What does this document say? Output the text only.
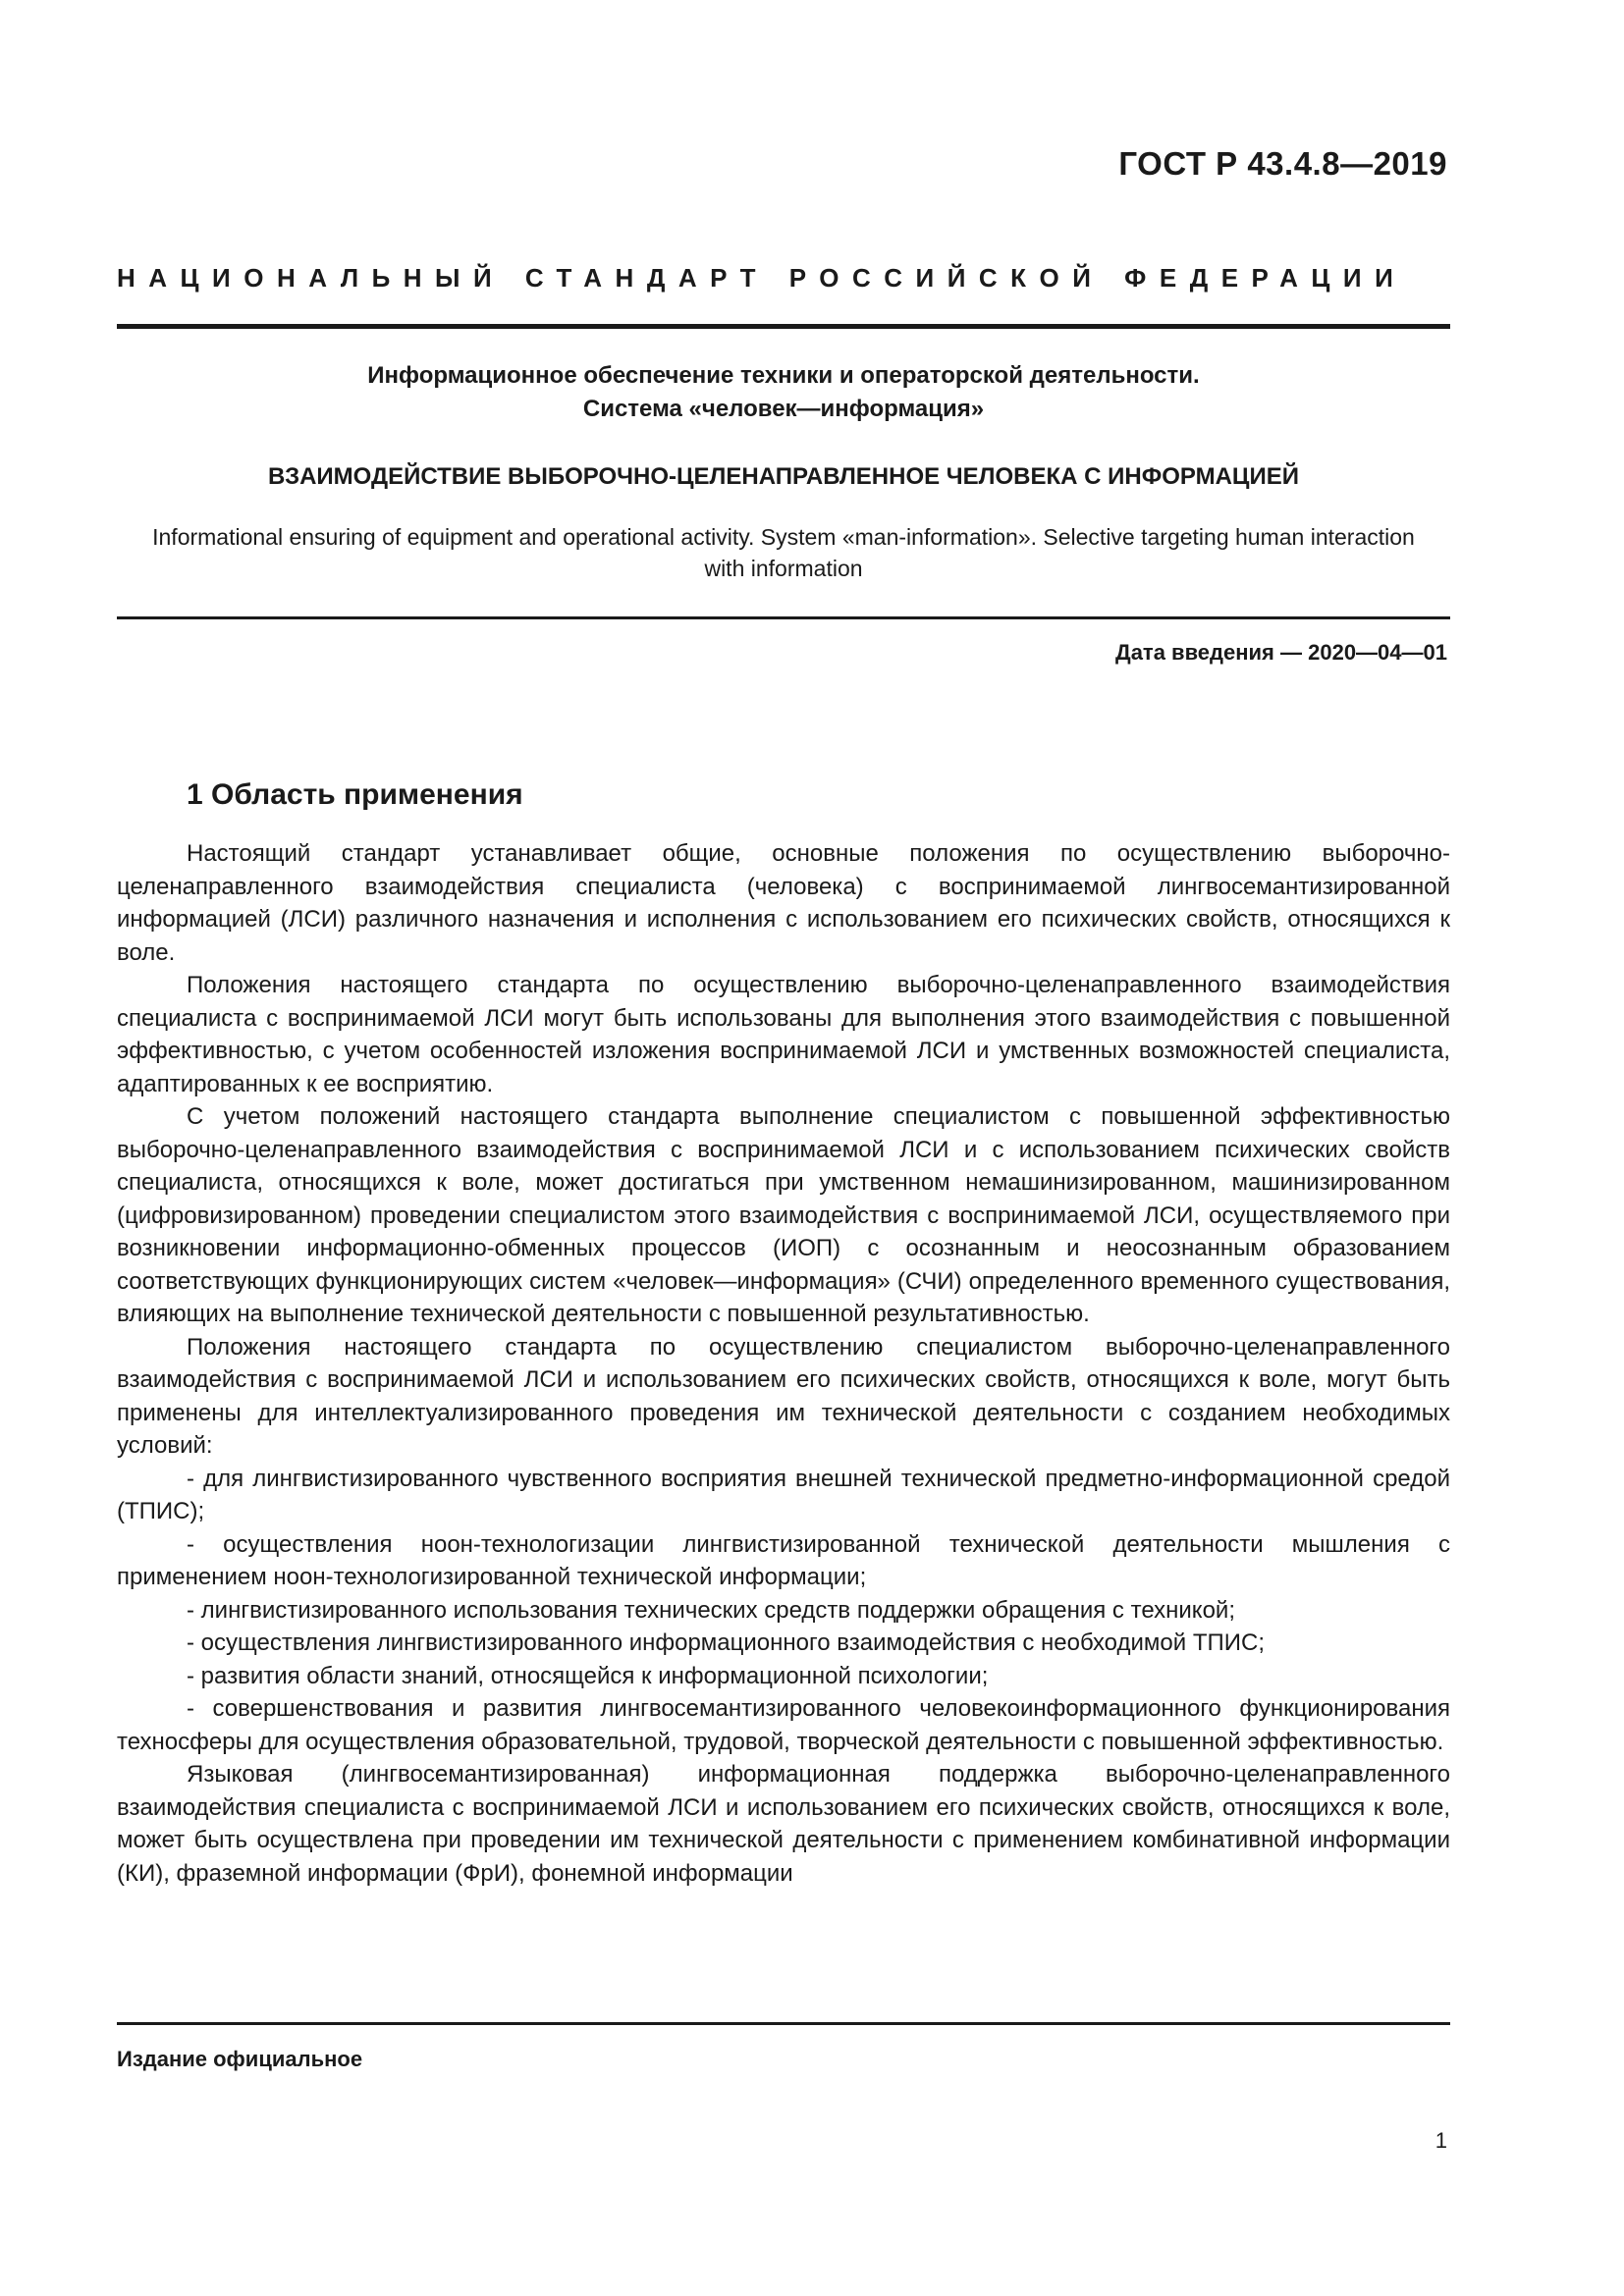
ГОСТ Р 43.4.8—2019
НАЦИОНАЛЬНЫЙ СТАНДАРТ РОССИЙСКОЙ ФЕДЕРАЦИИ
Информационное обеспечение техники и операторской деятельности.
Система «человек—информация»
ВЗАИМОДЕЙСТВИЕ ВЫБОРОЧНО-ЦЕЛЕНАПРАВЛЕННОЕ ЧЕЛОВЕКА С ИНФОРМАЦИЕЙ
Informational ensuring of equipment and operational activity. System «man-information». Selective targeting human interaction with information
Дата введения — 2020—04—01
1 Область применения

Настоящий стандарт устанавливает общие, основные положения по осуществлению выборочно-целенаправленного взаимодействия специалиста (человека) с воспринимаемой лингвосемантизированной информацией (ЛСИ) различного назначения и исполнения с использованием его психических свойств, относящихся к воле.

Положения настоящего стандарта по осуществлению выборочно-целенаправленного взаимодействия специалиста с воспринимаемой ЛСИ могут быть использованы для выполнения этого взаимодействия с повышенной эффективностью, с учетом особенностей изложения воспринимаемой ЛСИ и умственных возможностей специалиста, адаптированных к ее восприятию.

С учетом положений настоящего стандарта выполнение специалистом с повышенной эффективностью выборочно-целенаправленного взаимодействия с воспринимаемой ЛСИ и с использованием психических свойств специалиста, относящихся к воле, может достигаться при умственном немашинизированном, машинизированном (цифровизированном) проведении специалистом этого взаимодействия с воспринимаемой ЛСИ, осуществляемого при возникновении информационно-обменных процессов (ИОП) с осознанным и неосознанным образованием соответствующих функционирующих систем «человек—информация» (СЧИ) определенного временного существования, влияющих на выполнение технической деятельности с повышенной результативностью.

Положения настоящего стандарта по осуществлению специалистом выборочно-целенаправленного взаимодействия с воспринимаемой ЛСИ и использованием его психических свойств, относящихся к воле, могут быть применены для интеллектуализированного проведения им технической деятельности с созданием необходимых условий:

- для лингвистизированного чувственного восприятия внешней технической предметно-информационной средой (ТПИС);

- осуществления ноон-технологизации лингвистизированной технической деятельности мышления с применением ноон-технологизированной технической информации;

- лингвистизированного использования технических средств поддержки обращения с техникой;

- осуществления лингвистизированного информационного взаимодействия с необходимой ТПИС;

- развития области знаний, относящейся к информационной психологии;

- совершенствования и развития лингвосемантизированного человекоинформационного функционирования техносферы для осуществления образовательной, трудовой, творческой деятельности с повышенной эффективностью.

Языковая (лингвосемантизированная) информационная поддержка выборочно-целенаправленного взаимодействия специалиста с воспринимаемой ЛСИ и использованием его психических свойств, относящихся к воле, может быть осуществлена при проведении им технической деятельности с применением комбинативной информации (КИ), фраземной информации (ФрИ), фонемной информации

Издание официальное
1
